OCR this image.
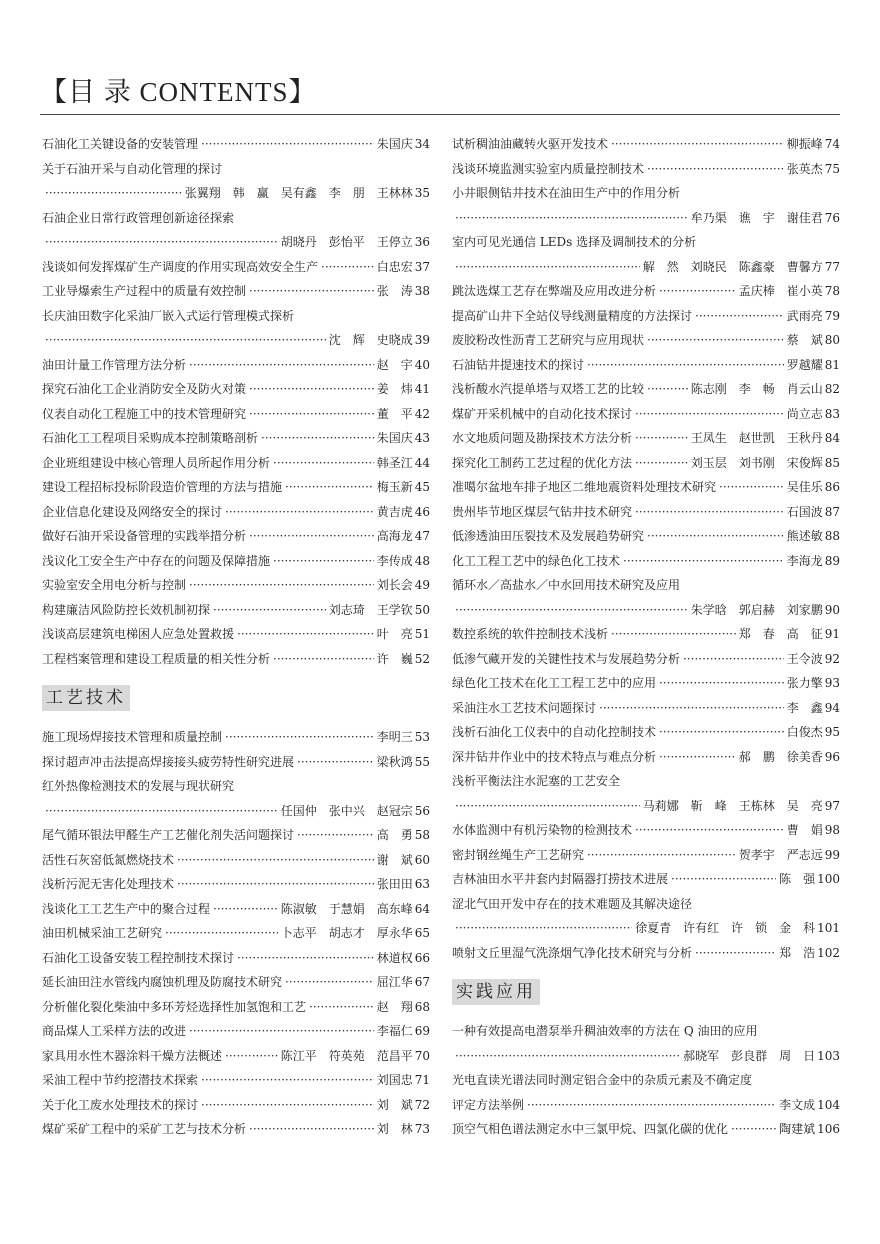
【目 录 CONTENTS】
石油化工关键设备的安装管理 ·····	朱国庆 34
关于石油开采与自动化管理的探讨
·····
张翼翔　韩　赢　吴有鑫　李　朋　王林林 35
石油企业日常行政管理创新途径探索
·····
胡晓丹　彭怡平　王停立 36
浅谈如何发挥煤矿生产调度的作用实现高效安全生产 ·····	白忠宏 37
工业导爆索生产过程中的质量有效控制 ·····	张　涛 38
长庆油田数字化采油厂嵌入式运行管理模式探析
·····
沈　辉　史晓成 39
油田计量工作管理方法分析 ·····	赵　宇 40
探究石油化工企业消防安全及防火对策 ·····	姜　炜 41
仪表自动化工程施工中的技术管理研究 ·····	董　平 42
石油化工工程项目采购成本控制策略剖析 ·····	朱国庆 43
企业班组建设中核心管理人员所起作用分析 ·····	韩圣江 44
建设工程招标投标阶段造价管理的方法与措施 ·····	梅玉新 45
企业信息化建设及网络安全的探讨 ·····	黄吉虎 46
做好石油开采设备管理的实践举措分析 ·····	高海龙 47
浅议化工安全生产中存在的问题及保障措施 ·····	李传成 48
实验室安全用电分析与控制 ·····	刘长会 49
构建廉洁风险防控长效机制初探 ·····	刘志琦　王学钦 50
浅谈高层建筑电梯困人应急处置救援 ·····	叶　亮 51
工程档案管理和建设工程质量的相关性分析 ·····	许　巍 52
工艺技术
施工现场焊接技术管理和质量控制 ·····	李明三 53
探讨超声冲击法提高焊接接头疲劳特性研究进展 ·····	梁秋鸿 55
红外热像检测技术的发展与现状研究
·····
任国仲　张中兴　赵冠宗 56
尾气循环银法甲醛生产工艺催化剂失活问题探讨 ·····	高　勇 58
活性石灰窑低氮燃烧技术 ·····	谢　斌 60
浅析污泥无害化处理技术 ·····	张田田 63
浅谈化工工艺生产中的聚合过程 ·····	陈淑敏　于慧娟　高东峰 64
油田机械采油工艺研究 ·····	卜志平　胡志才　厚永华 65
石油化工设备安装工程控制技术探讨 ·····	林道权 66
延长油田注水管线内腐蚀机理及防腐技术研究 ·····	屈江华 67
分析催化裂化柴油中多环芳烃选择性加氢饱和工艺 ·····	赵　翔 68
商品煤人工采样方法的改进 ·····	李福仁 69
家具用水性木器涂料干燥方法概述 ·····	陈江平　符英苑　范昌平 70
采油工程中节约挖潜技术探索 ·····	刘国忠 71
关于化工废水处理技术的探讨 ·····	刘　斌 72
煤矿采矿工程中的采矿工艺与技术分析 ·····	刘　林 73
试析稠油油藏转火驱开发技术 ·····	柳振峰 74
浅谈环境监测实验室内质量控制技术 ·····	张英杰 75
小井眼侧钻井技术在油田生产中的作用分析
·····
牟乃渠　谯　宇　谢佳君 76
室内可见光通信 LEDs 选择及调制技术的分析
·····
解　然　刘晓民　陈鑫豪　曹馨方 77
跳汰选煤工艺存在弊端及应用改进分析 ·····	孟庆棒　崔小英 78
提高矿山井下全站仪导线测量精度的方法探讨 ·····	武雨亮 79
废胶粉改性沥青工艺研究与应用现状 ·····	蔡　斌 80
石油钻井提速技术的探讨 ·····	罗越耀 81
浅析酸水汽提单塔与双塔工艺的比较 ·····	陈志刚　李　畅　肖云山 82
煤矿开采机械中的自动化技术探讨 ·····	尚立志 83
水文地质问题及勘探技术方法分析 ·····	王凤生　赵世凯　王秋丹 84
探究化工制药工艺过程的优化方法 ·····	刘玉层　刘书刚　宋俊辉 85
准噶尔盆地车排子地区二维地震资料处理技术研究 ·····	吴佳乐 86
贵州毕节地区煤层气钻井技术研究 ·····	石国波 87
低渗透油田压裂技术及发展趋势研究 ·····	熊述敏 88
化工工程工艺中的绿色化工技术 ·····	李海龙 89
循环水／高盐水／中水回用技术研究及应用
·····
朱学晗　郭启赫　刘家鹏 90
数控系统的软件控制技术浅析 ·····	郑　春　高　征 91
低渗气藏开发的关键性技术与发展趋势分析 ·····	王令波 92
绿色化工技术在化工工程工艺中的应用 ·····	张力擎 93
采油注水工艺技术问题探讨 ·····	李　鑫 94
浅析石油化工仪表中的自动化控制技术 ·····	白俊杰 95
深井钻井作业中的技术特点与难点分析 ·····	郝　鹏　徐美香 96
浅析平衡法注水泥塞的工艺安全
·····
马莉娜　靳　峰　王栋林　吴　亮 97
水体监测中有机污染物的检测技术 ·····	曹　娟 98
密封钢丝绳生产工艺研究 ·····	贺孝宇　严志远 99
吉林油田水平井套内封隔器打捞技术进展 ·····	陈　强 100
涩北气田开发中存在的技术难题及其解决途径
·····
徐夏青　许有红　许　锁　金　科 101
喷射文丘里湿气洗涤烟气净化技术研究与分析 ·····	郑　浩 102
实践应用
一种有效提高电潜泵举升稠油效率的方法在 Q 油田的应用
·····
郝晓军　彭良群　周　日 103
光电直读光谱法同时测定铝合金中的杂质元素及不确定度
评定方法举例 ·····	李文成 104
顶空气相色谱法测定水中三氯甲烷、四氯化碳的优化 ·····	陶建斌 106
